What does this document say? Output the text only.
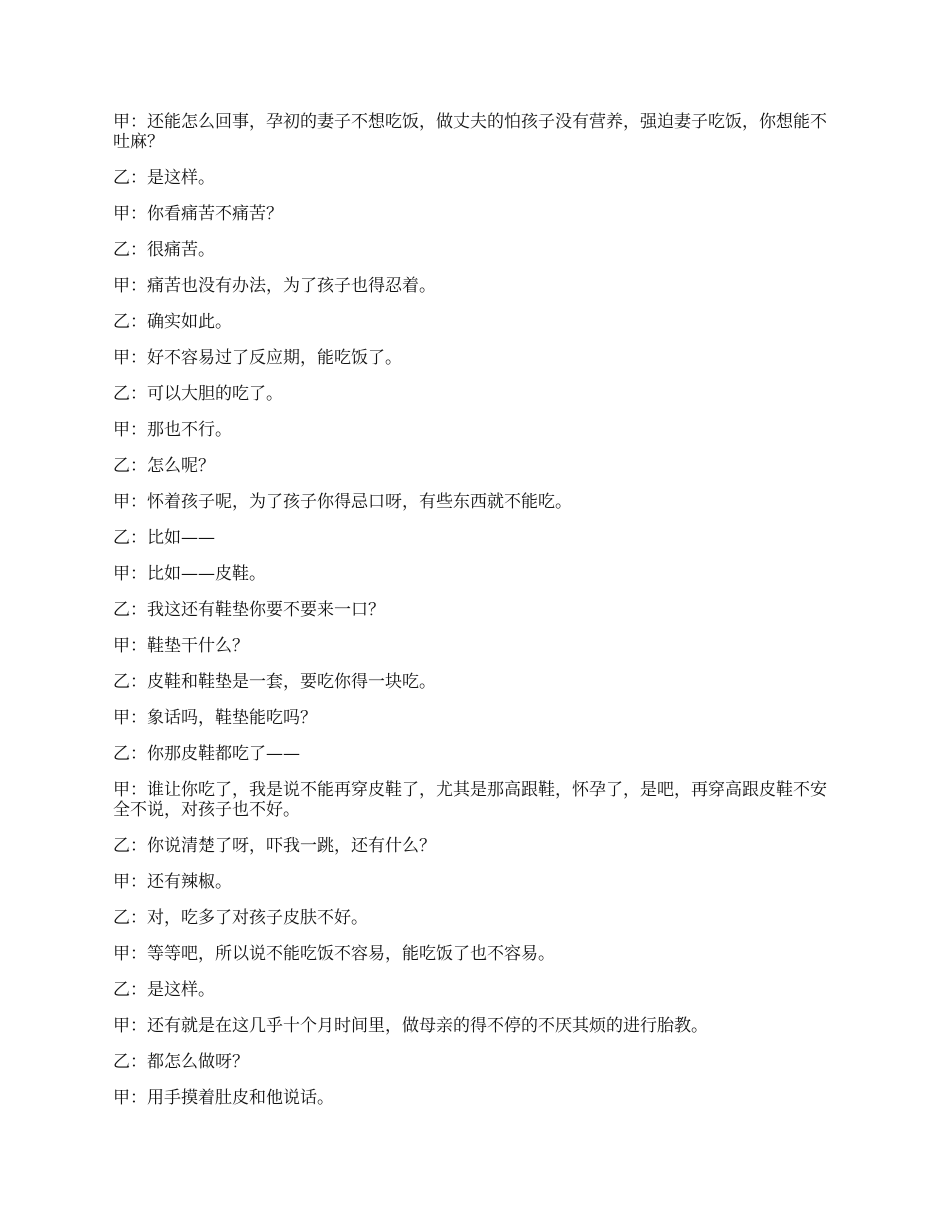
甲：还能怎么回事，孕初的妻子不想吃饭，做丈夫的怕孩子没有营养，强迫妻子吃饭，你想能不吐麻？

乙：是这样。

甲：你看痛苦不痛苦？

乙：很痛苦。

甲：痛苦也没有办法，为了孩子也得忍着。

乙：确实如此。

甲：好不容易过了反应期，能吃饭了。

乙：可以大胆的吃了。

甲：那也不行。

乙：怎么呢？

甲：怀着孩子呢，为了孩子你得忌口呀，有些东西就不能吃。

乙：比如——

甲：比如——皮鞋。

乙：我这还有鞋垫你要不要来一口？

甲：鞋垫干什么？

乙：皮鞋和鞋垫是一套，要吃你得一块吃。

甲：象话吗，鞋垫能吃吗？

乙：你那皮鞋都吃了——

甲：谁让你吃了，我是说不能再穿皮鞋了，尤其是那高跟鞋，怀孕了，是吧，再穿高跟皮鞋不安全不说，对孩子也不好。

乙：你说清楚了呀，吓我一跳，还有什么？

甲：还有辣椒。

乙：对，吃多了对孩子皮肤不好。

甲：等等吧，所以说不能吃饭不容易，能吃饭了也不容易。

乙：是这样。

甲：还有就是在这几乎十个月时间里，做母亲的得不停的不厌其烦的进行胎教。

乙：都怎么做呀？

甲：用手摸着肚皮和他说话。
